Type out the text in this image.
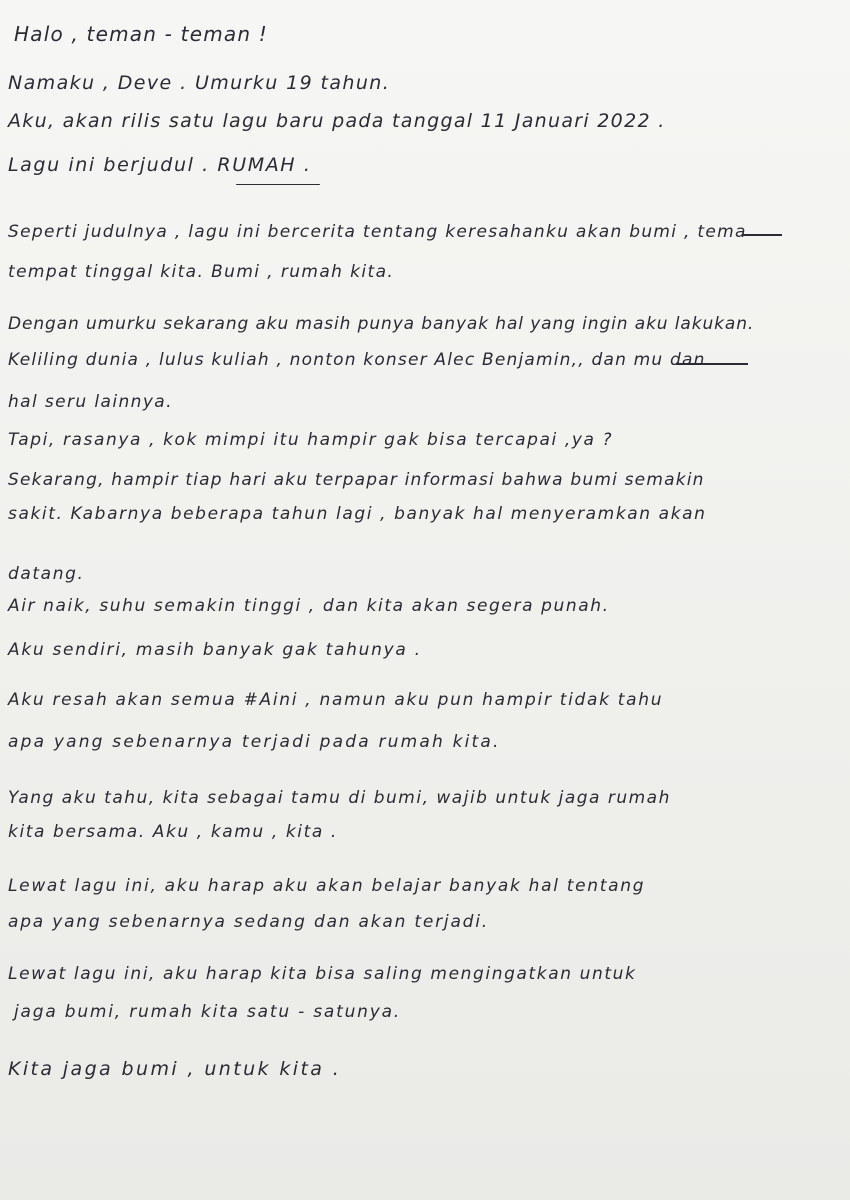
Halo , teman - teman !
Namaku , Deve . Umurku 19 tahun.
Aku, akan rilis satu lagu baru pada tanggal 11 Januari 2022 .
Lagu ini berjudul . RUMAH .
Seperti judulnya , lagu ini bercerita tentang keresahanku akan bumi , tema
tempat tinggal kita. Bumi , rumah kita.
Dengan umurku sekarang aku masih punya banyak hal yang ingin aku lakukan.
Keliling dunia , lulus kuliah , nonton konser Alec Benjamin,, dan mu dan
hal seru lainnya.
Tapi, rasanya , kok mimpi itu hampir gak bisa tercapai ,ya ?
Sekarang, hampir tiap hari aku terpapar informasi bahwa bumi semakin
sakit. Kabarnya beberapa tahun lagi , banyak hal menyeramkan akan
datang.
Air naik, suhu semakin tinggi , dan kita akan segera punah.
Aku sendiri, masih banyak gak tahunya .
Aku resah akan semua #Aini , namun aku pun hampir tidak tahu
apa yang sebenarnya terjadi pada rumah kita.
Yang aku tahu, kita sebagai tamu di bumi, wajib untuk jaga rumah
kita bersama. Aku , kamu , kita .
Lewat lagu ini, aku harap aku akan belajar banyak hal tentang
apa yang sebenarnya sedang dan akan terjadi.
Lewat lagu ini, aku harap kita bisa saling mengingatkan untuk
jaga bumi, rumah kita satu - satunya.
Kita jaga bumi , untuk kita .
